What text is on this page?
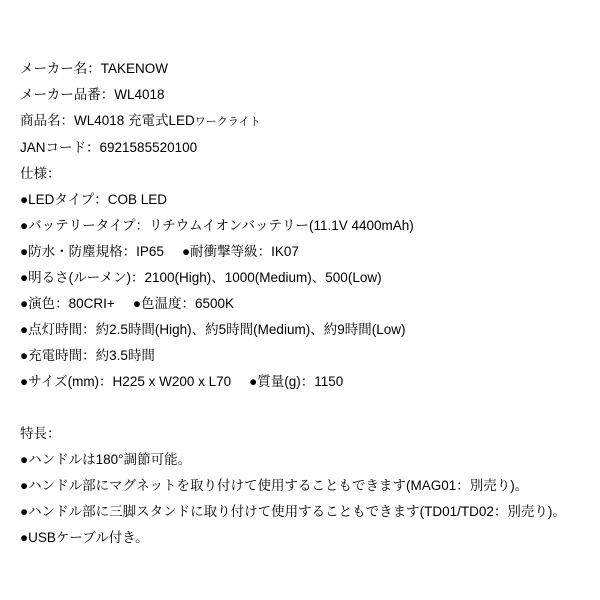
メーカー名：TAKENOW
メーカー品番：WL4018
商品名：WL4018 充電式LEDワークライト
JANコード：6921585520100
仕様：
●LEDタイプ：COB LED
●バッテリータイプ：リチウムイオンバッテリー(11.1V 4400mAh)
●防水・防塵規格：IP65 ●耐衝撃等級：IK07
●明るさ(ルーメン)：2100(High)、1000(Medium)、500(Low)
●演色：80CRI+ ●色温度：6500K
●点灯時間：約2.5時間(High)、約5時間(Medium)、約9時間(Low)
●充電時間：約3.5時間
●サイズ(mm)：H225 x W200 x L70 ●質量(g)：1150
特長：
●ハンドルは180°調節可能。
●ハンドル部にマグネットを取り付けて使用することもできます(MAG01：別売り)。
●ハンドル部に三脚スタンドに取り付けて使用することもできます(TD01/TD02：別売り)。
●USBケーブル付き。
